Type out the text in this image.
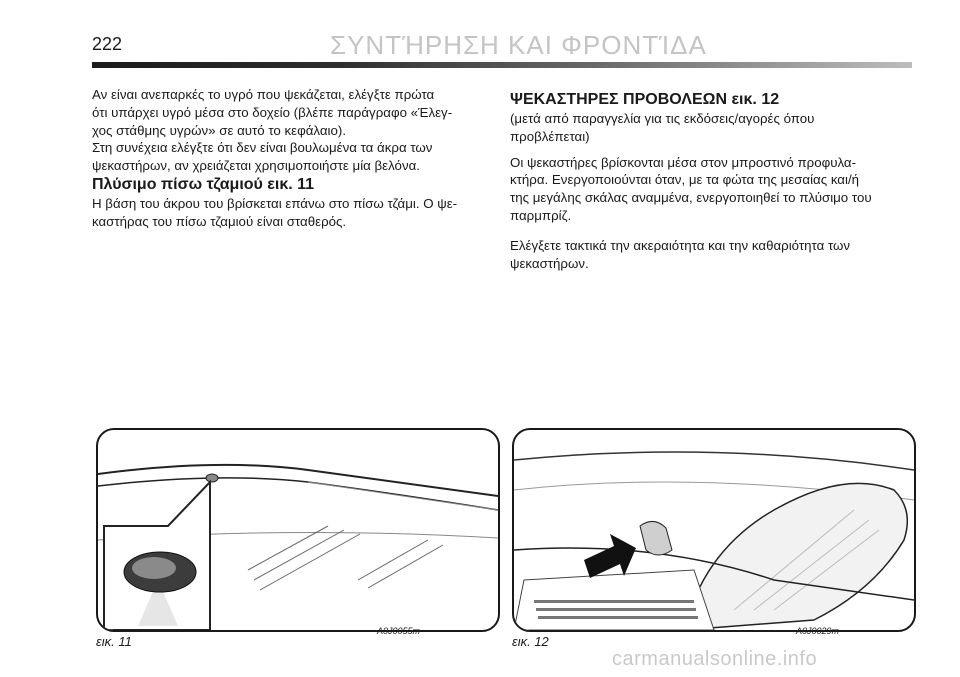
222	ΣΥΝΤΉΡΗΣΗ ΚΑΙ ΦΡΟΝΤΊΔΑ

Αν είναι ανεπαρκές το υγρό που ψεκάζεται, ελέγξτε πρώτα

ότι υπάρχει υγρό μέσα στο δοχείο (βλέπε παράγραφο «Έλεγ-

χος στάθμης υγρών» σε αυτό το κεφάλαιο).

Στη συνέχεια ελέγξτε ότι δεν είναι βουλωμένα τα άκρα των

ψεκαστήρων, αν χρειάζεται χρησιμοποιήστε μία βελόνα.

Πλύσιμο πίσω τζαμιού εικ. 11

Η βάση του άκρου του βρίσκεται επάνω στο πίσω τζάμι. Ο ψε-

καστήρας του πίσω τζαμιού είναι σταθερός.

ΨΕΚΑΣΤΗΡΕΣ ΠΡΟΒΟΛΕΩΝ εικ. 12

(μετά από παραγγελία για τις εκδόσεις/αγορές όπου

προβλέπεται)

Οι ψεκαστήρες βρίσκονται μέσα στον μπροστινό προφυλα-

κτήρα. Ενεργοποιούνται όταν, με τα φώτα της μεσαίας και/ή

της μεγάλης σκάλας αναμμένα, ενεργοποιηθεί το πλύσιμο του

παρμπρίζ.

Ελέγξετε τακτικά την ακεραιότητα και την καθαριότητα των

ψεκαστήρων.

εικ. 11
A0J0055m
εικ. 12
A0J0029m
carmanualsonline.info
